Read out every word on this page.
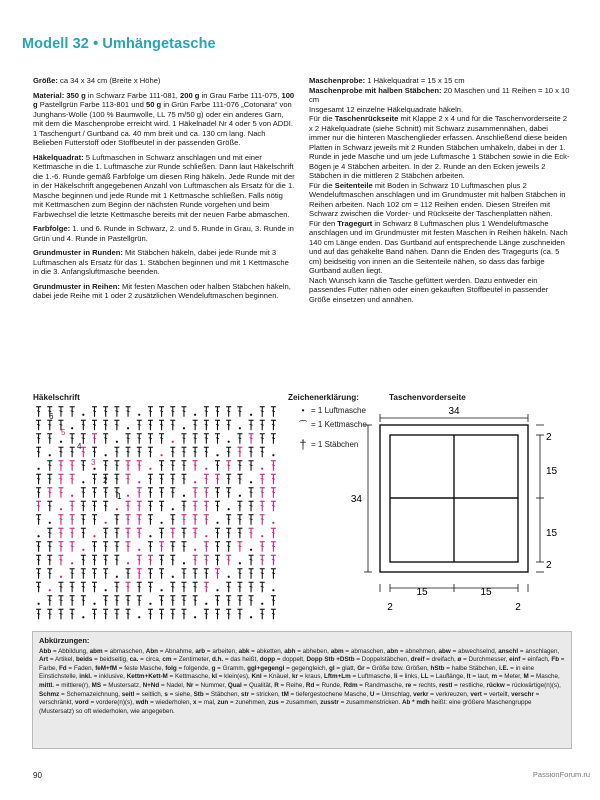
Modell 32 • Umhängetasche

Größe: ca 34 x 34 cm (Breite x Höhe)

Material: 350 g in Schwarz Farbe 111-081, 200 g in Grau Farbe 111-075, 100 g Pastellgrün Farbe 113-801 und 50 g in Grün Farbe 111-076 „Cotonara“ von Junghans-Wolle (100 % Baumwolle, LL 75 m/50 g) oder ein anderes Garn, mit dem die Maschenprobe erreicht wird. 1 Häkelnadel Nr 4 oder 5 von ADDI.
1 Taschengurt / Gurtband ca. 40 mm breit und ca. 130 cm lang. Nach Belieben Futterstoff oder Stoffbeutel in der passenden Größe.

Häkelquadrat: 5 Luftmaschen in Schwarz anschlagen und mit einer Kettmasche in die 1. Luftmasche zur Runde schließen. Dann laut Häkelschrift die 1.-6. Runde gemäß Farbfolge um diesen Ring häkeln. Jede Runde mit der in der Häkelschrift angegebenen Anzahl von Luftmaschen als Ersatz für die 1. Masche beginnen und jede Runde mit 1 Kettmasche schließen. Falls nötig mit Kettmaschen zum Beginn der nächsten Runde vorgehen und beim Farbwechsel die letzte Kettmasche bereits mit der neuen Farbe abmaschen.

Farbfolge: 1. und 6. Runde in Schwarz, 2. und 5. Runde in Grau, 3. Runde in Grün und 4. Runde in Pastellgrün.

Grundmuster in Runden: Mit Stäbchen häkeln, dabei jede Runde mit 3 Luftmaschen als Ersatz für das 1. Stäbchen beginnen und mit 1 Kettmasche in die 3. Anfangsluftmasche beenden.

Grundmuster in Reihen: Mit festen Maschen oder halben Stäbchen häkeln, dabei jede Reihe mit 1 oder 2 zusätzlichen Wendeluftmaschen beginnen.

Maschenprobe: 1 Häkelquadrat = 15 x 15 cm
Maschenprobe mit halben Stäbchen: 20 Maschen und 11 Reihen = 10 x 10 cm
Insgesamt 12 einzelne Häkelquadrate häkeln.
Für die Taschenrückseite mit Klappe 2 x 4 und für die Taschenvorderseite 2 x 2 Häkelquadrate (siehe Schnitt) mit Schwarz zusammennähen, dabei immer nur die hinteren Maschenglieder erfassen. Anschließend diese beiden Platten in Schwarz jeweils mit 2 Runden Stäbchen umhäkeln, dabei in der 1. Runde in jede Masche und um jede Luftmasche 1 Stäbchen sowie in die Eck-Bögen je 4 Stäbchen arbeiten. In der 2. Runde an den Ecken jeweils 2 Stäbchen in die mittleren 2 Stäbchen arbeiten.
Für die Seitenteile mit Boden in Schwarz 10 Luftmaschen plus 2 Wendeluftmaschen anschlagen und im Grundmuster mit halben Stäbchen in Reihen arbeiten. Nach 102 cm = 112 Reihen enden. Diesen Streifen mit Schwarz zwischen die Vorder- und Rückseite der Taschenplatten nähen.
Für den Tragegurt in Schwarz 8 Luftmaschen plus 1 Wendeluftmasche anschlagen und im Grundmuster mit festen Maschen in Reihen häkeln. Nach 140 cm Länge enden. Das Gurtband auf entsprechende Länge zuschneiden und auf das gehäkelte Band nähen. Dann die Enden des Tragegurts (ca. 5 cm) beidseitig von innen an die Seitenteile nähen, so dass das farbige Gurtband außen liegt.
Nach Wunsch kann die Tasche gefüttert werden. Dazu entweder ein passendes Futter nähen oder einen gekauften Stoffbeutel in passender Größe einsetzen und annähen.

Häkelschrift
6
5
4
3
2
1
Zeichenerklärung:
• = 1 Luftmasche
⌒ = 1 Kettmasche
† = 1 Stäbchen
Taschenvorderseite
34
34
2
15
15
2
15	15
2	2
Abkürzungen:
Abb = Abbildung, abm = abmaschen, Abn = Abnahme, arb = arbeiten, abk = abketten, abh = abheben, abm = abmaschen, abn = abnehmen, abw = abwechselnd, anschl = anschlagen, Art = Artikel, beids = beidseitig, ca. = circa, cm = Zentimeter, d.h. = das heißt, dopp = doppelt, Dopp Stb +DStb = Doppelstäbchen, dreif = dreifach, ø = Durchmesser, einf = einfach, Fb = Farbe, Fd = Faden, feM+fM = feste Masche, folg = folgende, g = Gramm, ggl+gegengl = gegengleich, gl = glatt, Gr = Größe bzw. Größen, hStb = halbe Stäbchen, i.E. = in eine Einstichstelle, inkl. = inklusive, Kettm+Kett-M = Kettmasche, kl = klein(es), Knl = Knäuel, kr = kraus, Lftm+Lm = Luftmasche, li = links, LL = Lauflänge, lt = laut, m = Meter, M = Masche, mittl. = mittlere(r), MS = Mustersatz, N+Nd = Nadel, Nr = Nummer, Qual = Qualität, R = Reihe, Rd = Runde, Rdm = Randmasche, re = rechts, restl = restliche, rückw = rückwärtige(n)(s), Schmz = Schemazeichnung, seitl = seitlich, s = siehe, Stb = Stäbchen, str = stricken, tM = tiefergestochene Masche, U = Umschlag, verkr = verkreuzen, vert = verteilt, verschr = verschränkt, vord = vordere(n)(s), wdh = wiederholen, x = mal, zun = zunehmen, zus = zusammen, zusstr = zusammenstricken. Ab * mdh heißt: eine größere Maschengruppe (Mustersatz) so oft wiederholen, wie angegeben.
90	PassionForum.ru
